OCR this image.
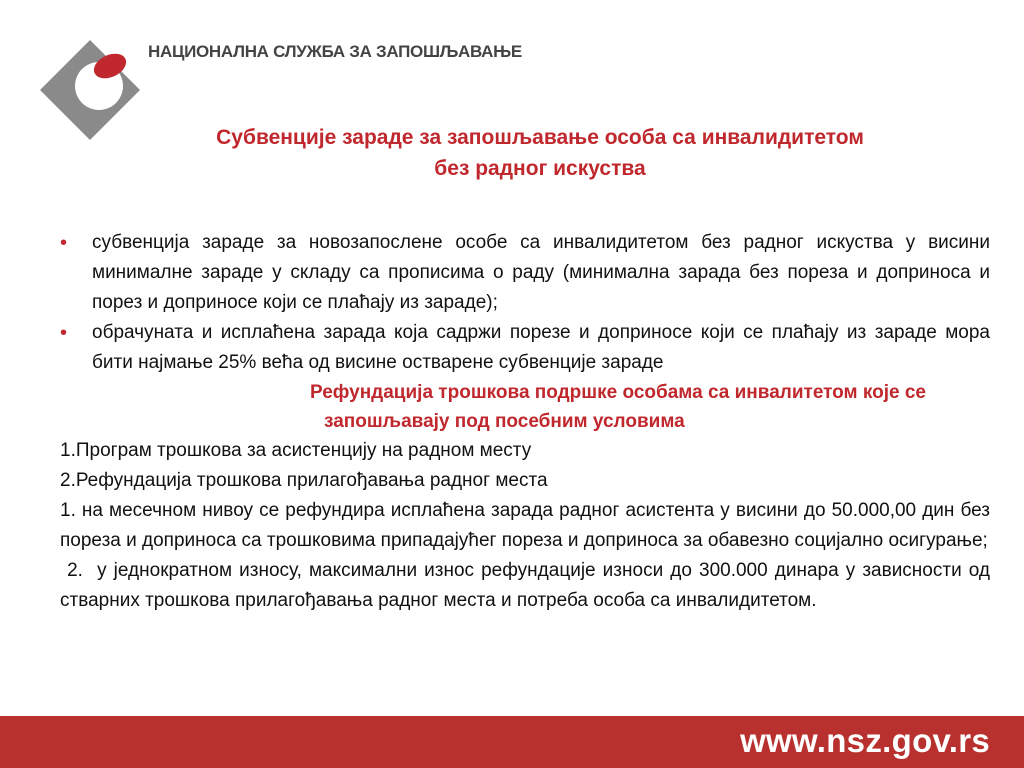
НАЦИОНАЛНА СЛУЖБА ЗА ЗАПОШЉАВАЊЕ
Субвенције зараде за запошљавање особа са инвалидитетом
без радног искуства
• субвенција зараде за новозапослене особе са инвалидитетом без радног искуства у висини минималне зараде у складу са прописима о раду (минимална зарада без пореза и доприноса и порез и доприносе који се плаћају из зараде);
• обрачуната и исплаћена зарада која садржи порезе и доприносе који се плаћају из зараде мора бити најмање 25% већа од висине остварене субвенције зараде
Рефундација трошкова подршке особама са инвалитетом које се
запошљавају под посебним условима
1.Програм трошкова за асистенцију на радном месту
2.Рефундација трошкова прилагођавања радног места
1. на месечном нивоу се рефундира исплаћена зарада радног асистента у висини до 50.000,00 дин без пореза и доприноса са трошковима припадајућег пореза и доприноса за обавезно социјално осигурање;
2.  у једнократном износу, максимални износ рефундације износи до 300.000 динара у зависности од стварних трошкова прилагођавања радног места и потреба особа са инвалидитетом.
www.nsz.gov.rs
